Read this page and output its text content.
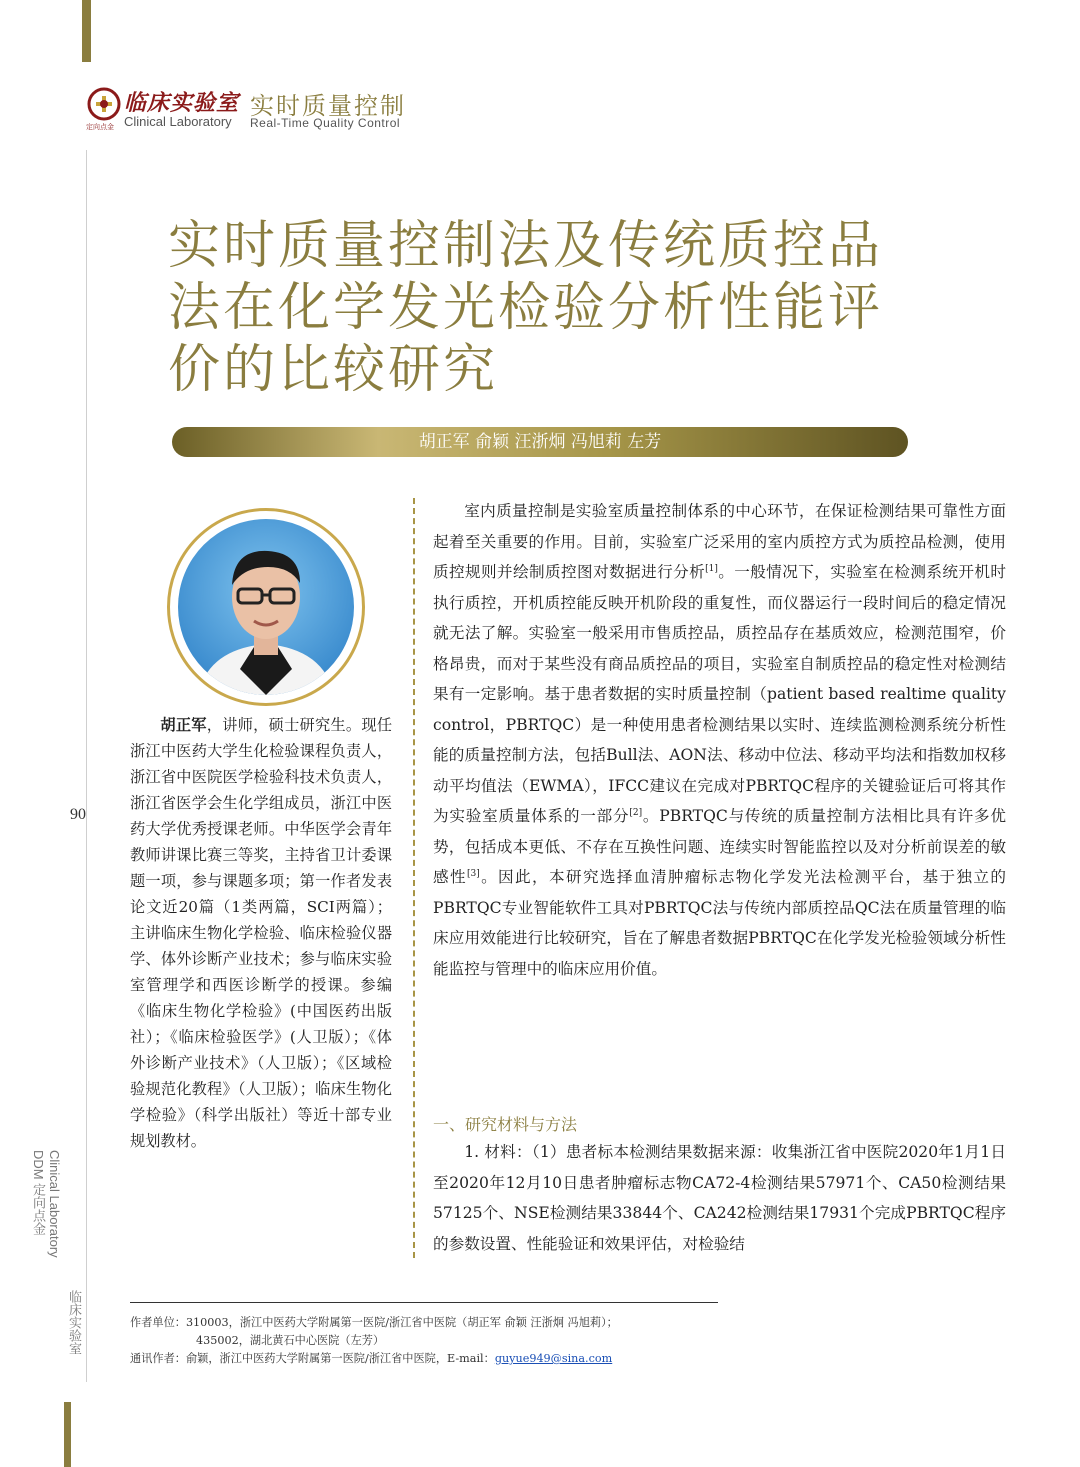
临床实验室
Clinical Laboratory
定向点金
实时质量控制
Real-Time Quality Control
实时质量控制法及传统质控品法在化学发光检验分析性能评价的比较研究
胡正军 俞颖 汪浙炯 冯旭莉 左芳
胡正军，讲师，硕士研究生。现任浙江中医药大学生化检验课程负责人，浙江省中医院医学检验科技术负责人，浙江省医学会生化学组成员，浙江中医药大学优秀授课老师。中华医学会青年教师讲课比赛三等奖，主持省卫计委课题一项，参与课题多项；第一作者发表论文近20篇（1类两篇，SCI两篇）；主讲临床生物化学检验、临床检验仪器学、体外诊断产业技术；参与临床实验室管理学和西医诊断学的授课。参编《临床生物化学检验》(中国医药出版社）；《临床检验医学》(人卫版）；《体外诊断产业技术》（人卫版）；《区域检验规范化教程》（人卫版）；临床生物化学检验》（科学出版社）等近十部专业规划教材。
90

室内质量控制是实验室质量控制体系的中心环节，在保证检测结果可靠性方面起着至关重要的作用。目前，实验室广泛采用的室内质控方式为质控品检测，使用质控规则并绘制质控图对数据进行分析[1]。一般情况下，实验室在检测系统开机时执行质控，开机质控能反映开机阶段的重复性，而仪器运行一段时间后的稳定情况就无法了解。实验室一般采用市售质控品，质控品存在基质效应，检测范围窄，价格昂贵，而对于某些没有商品质控品的项目，实验室自制质控品的稳定性对检测结果有一定影响。基于患者数据的实时质量控制（patient based realtime quality control，PBRTQC）是一种使用患者检测结果以实时、连续监测检测系统分析性能的质量控制方法，包括Bull法、AON法、移动中位法、移动平均法和指数加权移动平均值法（EWMA），IFCC建议在完成对PBRTQC程序的关键验证后可将其作为实验室质量体系的一部分[2]。PBRTQC与传统的质量控制方法相比具有许多优势，包括成本更低、不存在互换性问题、连续实时智能监控以及对分析前误差的敏感性[3]。因此，本研究选择血清肿瘤标志物化学发光法检测平台，基于独立的PBRTQC专业智能软件工具对PBRTQC法与传统内部质控品QC法在质量管理的临床应用效能进行比较研究，旨在了解患者数据PBRTQC在化学发光检验领域分析性能监控与管理中的临床应用价值。

一、研究材料与方法

1. 材料：（1）患者标本检测结果数据来源：收集浙江省中医院2020年1月1日至2020年12月10日患者肿瘤标志物CA72-4检测结果57971个、CA50检测结果57125个、NSE检测结果33844个、CA242检测结果17931个完成PBRTQC程序的参数设置、性能验证和效果评估，对检验结

Clinical Laboratory
DDM 定向点金
临床实验室	作者单位：310003，浙江中医药大学附属第一医院/浙江省中医院（胡正军 俞颖 汪浙炯 冯旭莉）；
435002，湖北黄石中心医院（左芳）
通讯作者：俞颖，浙江中医药大学附属第一医院/浙江省中医院，E-mail：guyue949@sina.com
